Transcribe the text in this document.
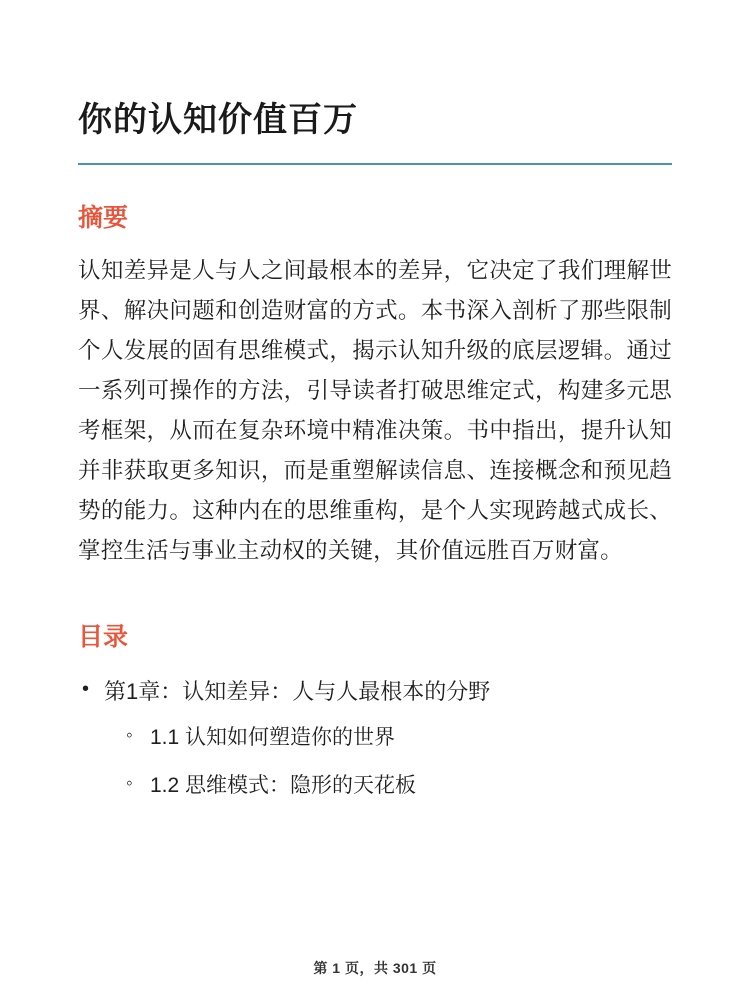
你的认知价值百万
摘要

认知差异是人与人之间最根本的差异，它决定了我们理解世界、解决问题和创造财富的方式。本书深入剖析了那些限制个人发展的固有思维模式，揭示认知升级的底层逻辑。通过一系列可操作的方法，引导读者打破思维定式，构建多元思考框架，从而在复杂环境中精准决策。书中指出，提升认知并非获取更多知识，而是重塑解读信息、连接概念和预见趋势的能力。这种内在的思维重构，是个人实现跨越式成长、掌控生活与事业主动权的关键，其价值远胜百万财富。

目录
• 第1章：认知差异：人与人最根本的分野
◦ 1.1 认知如何塑造你的世界
◦ 1.2 思维模式：隐形的天花板
第 1 页，共 301 页
